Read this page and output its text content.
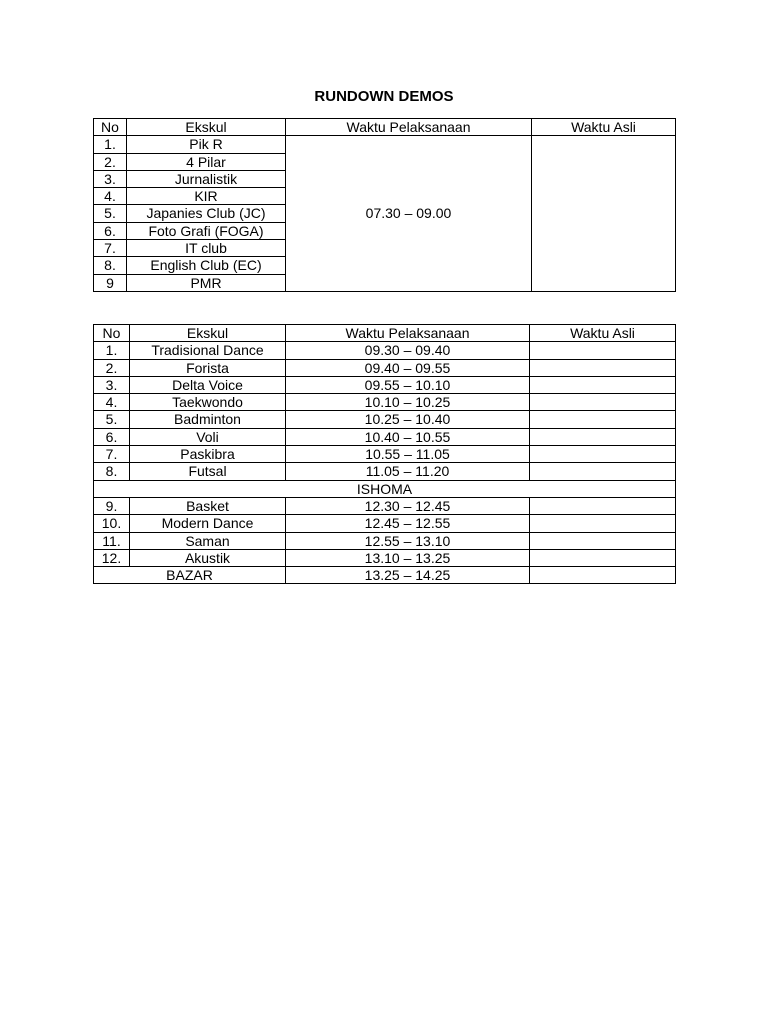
RUNDOWN DEMOS
No	Ekskul	Waktu Pelaksanaan	Waktu Asli
1.	Pik R	07.30 – 09.00	
2.	4 Pilar		
3.	Jurnalistik		
4.	KIR		
5.	Japanies Club (JC)		
6.	Foto Grafi (FOGA)		
7.	IT club		
8.	English Club (EC)		
9	PMR		
No	Ekskul	Waktu Pelaksanaan	Waktu Asli
1.	Tradisional Dance	09.30 – 09.40	
2.	Forista	09.40 – 09.55	
3.	Delta Voice	09.55 – 10.10	
4.	Taekwondo	10.10 – 10.25	
5.	Badminton	10.25 – 10.40	
6.	Voli	10.40 – 10.55	
7.	Paskibra	10.55 – 11.05	
8.	Futsal	11.05 – 11.20	
ISHOMA			
9.	Basket	12.30 – 12.45	
10.	Modern Dance	12.45 – 12.55	
11.	Saman	12.55 – 13.10	
12.	Akustik	13.10 – 13.25	
BAZAR		13.25 – 14.25	
